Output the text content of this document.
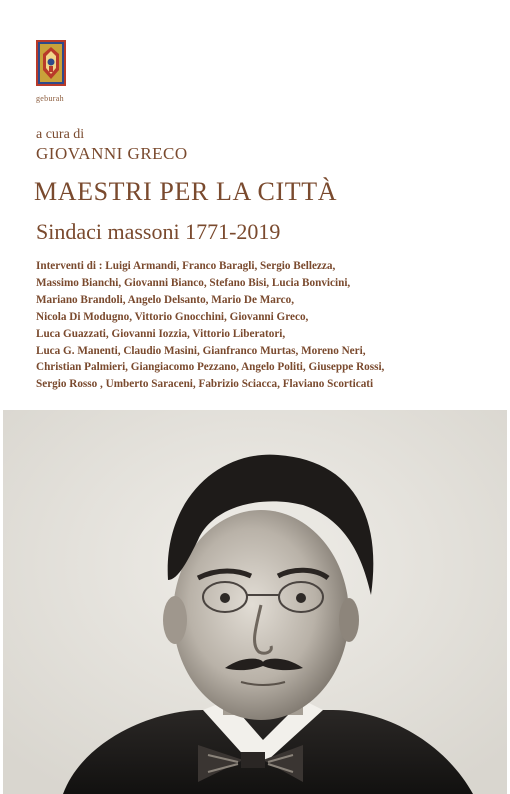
geburah
a cura di
GIOVANNI GRECO
MAESTRI PER LA CITTÀ
Sindaci massoni 1771-2019
Interventi di : Luigi Armandi, Franco Baragli, Sergio Bellezza,
Massimo Bianchi, Giovanni Bianco, Stefano Bisi, Lucia Bonvicini,
Mariano Brandoli, Angelo Delsanto, Mario De Marco,
Nicola Di Modugno, Vittorio Gnocchini, Giovanni Greco,
Luca Guazzati, Giovanni Iozzia, Vittorio Liberatori,
Luca G. Manenti, Claudio Masini, Gianfranco Murtas, Moreno Neri,
Christian Palmieri, Giangiacomo Pezzano, Angelo Politi, Giuseppe Rossi,
Sergio Rosso , Umberto Saraceni, Fabrizio Sciacca, Flaviano Scorticati
